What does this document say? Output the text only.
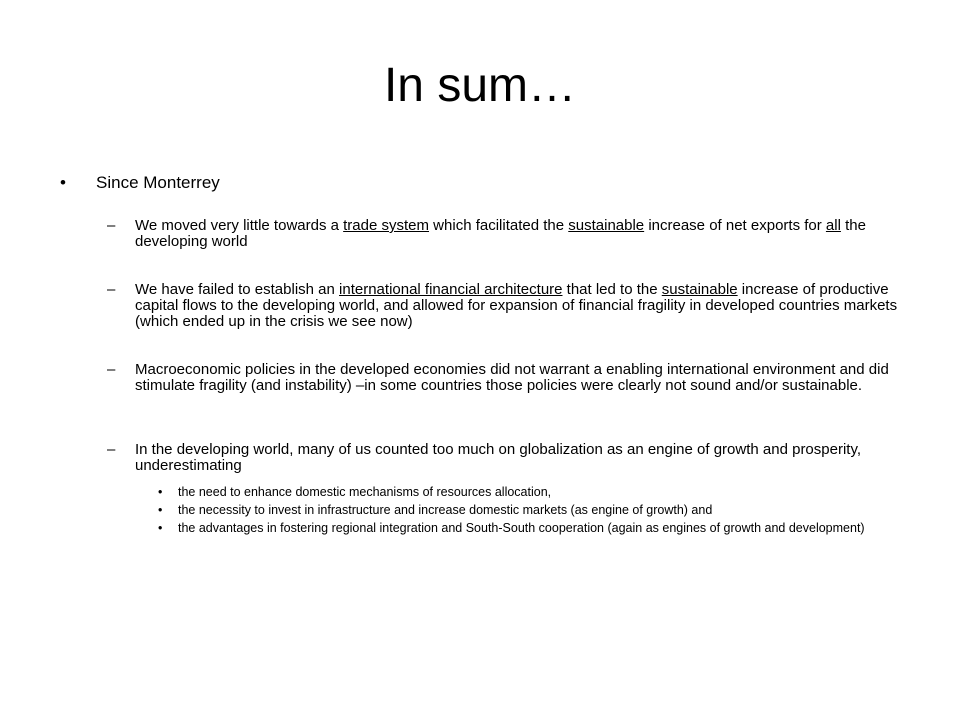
In sum…
• Since Monterrey
– We moved very little towards a trade system which facilitated the sustainable increase of net exports for all the developing world
– We have failed to establish an international financial architecture that led to the sustainable increase of productive capital flows to the developing world, and allowed for expansion of financial fragility in developed countries markets (which ended up in the crisis we see now)
– Macroeconomic policies in the developed economies did not warrant a enabling international environment and did stimulate fragility (and instability) –in some countries those policies were clearly not sound and/or sustainable.
– In the developing world, many of us counted too much on globalization as an engine of growth and prosperity, underestimating
• the need to enhance domestic mechanisms of resources allocation,
• the necessity to invest in infrastructure and increase domestic markets (as engine of growth) and
• the advantages in fostering regional integration and South-South cooperation (again as engines of growth and development)
